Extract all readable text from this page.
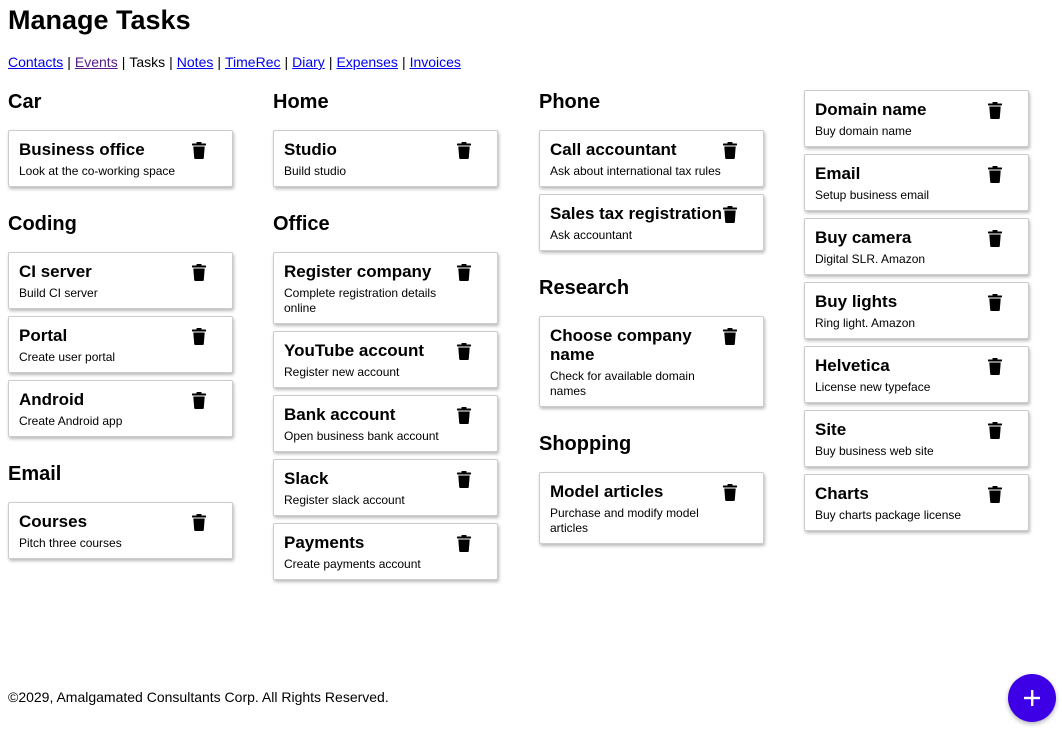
Manage Tasks
Contacts | Events | Tasks | Notes | TimeRec | Diary | Expenses | Invoices
Car
Business office
Look at the co-working space
Coding
CI server
Build CI server
Portal
Create user portal
Android
Create Android app
Email
Courses
Pitch three courses
Home
Studio
Build studio
Office
Register company
Complete registration details online
YouTube account
Register new account
Bank account
Open business bank account
Slack
Register slack account
Payments
Create payments account
Phone
Call accountant
Ask about international tax rules
Sales tax registration
Ask accountant
Research
Choose company name
Check for available domain names
Shopping
Model articles
Purchase and modify model articles
Domain name
Buy domain name
Email
Setup business email
Buy camera
Digital SLR. Amazon
Buy lights
Ring light. Amazon
Helvetica
License new typeface
Site
Buy business web site
Charts
Buy charts package license
©2029, Amalgamated Consultants Corp. All Rights Reserved.
